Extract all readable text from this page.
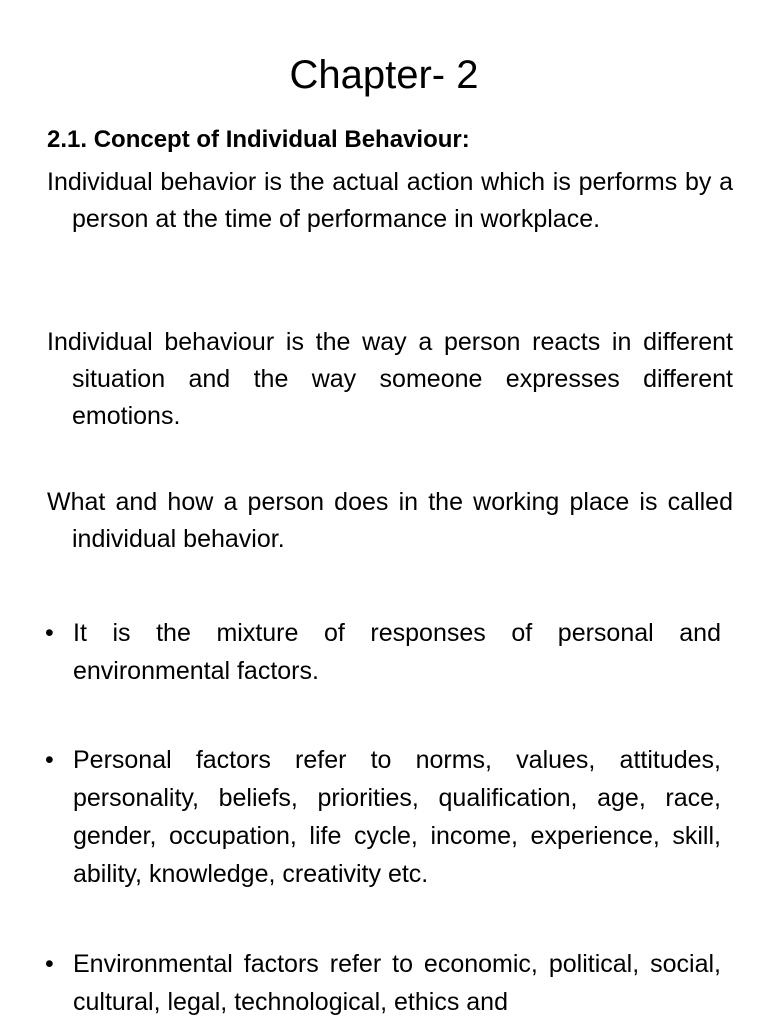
Chapter- 2
2.1. Concept of Individual Behaviour:
Individual behavior is the actual action which is performs by a person at the time of performance in workplace.
Individual behaviour is the way a person reacts in different situation and the way someone expresses different emotions.
What and how a person does in the working place is called individual behavior.
• It is the mixture of responses of personal and environmental factors.
• Personal factors refer to norms, values, attitudes, personality, beliefs, priorities, qualification, age, race, gender, occupation, life cycle, income, experience, skill, ability, knowledge, creativity etc.
• Environmental factors refer to economic, political, social, cultural, legal, technological, ethics and
